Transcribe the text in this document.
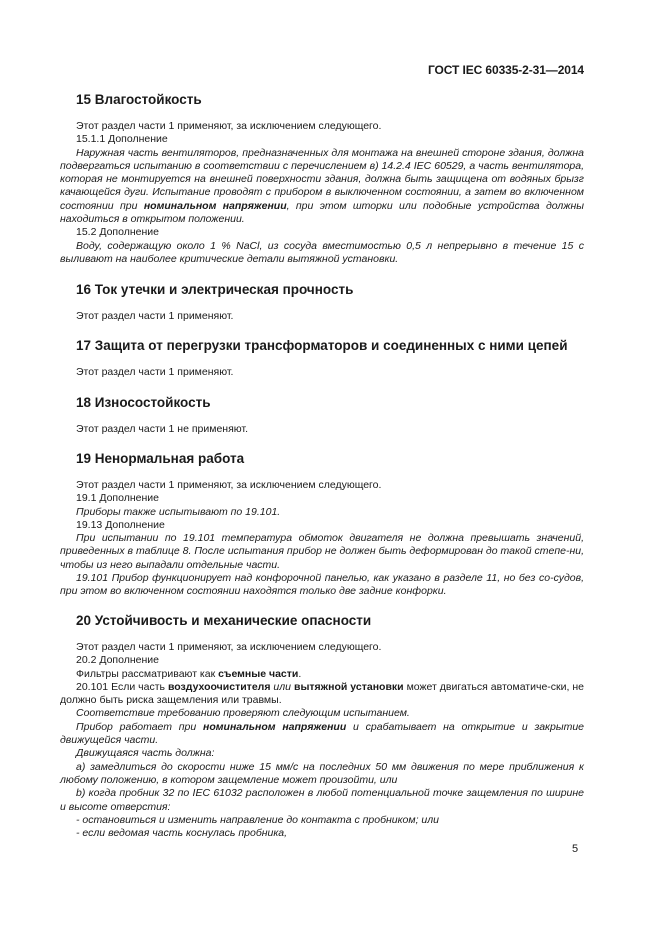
ГОСТ IEC 60335-2-31—2014
15 Влагостойкость

Этот раздел части 1 применяют, за исключением следующего.

15.1.1 Дополнение

Наружная часть вентиляторов, предназначенных для монтажа на внешней стороне здания, должна подвергаться испытанию в соответствии с перечислением в) 14.2.4 IEC 60529, а часть вентилятора, которая не монтируется на внешней поверхности здания, должна быть защищена от водяных брызг качающейся дуги. Испытание проводят с прибором в выключенном состоянии, а затем во включенном состоянии при номинальном напряжении, при этом шторки или подобные устройства должны находиться в открытом положении.

15.2 Дополнение

Воду, содержащую около 1 % NaCl, из сосуда вместимостью 0,5 л непрерывно в течение 15 с выливают на наиболее критические детали вытяжной установки.

16 Ток утечки и электрическая прочность

Этот раздел части 1 применяют.

17 Защита от перегрузки трансформаторов и соединенных с ними цепей

Этот раздел части 1 применяют.

18 Износостойкость

Этот раздел части 1 не применяют.

19 Ненормальная работа

Этот раздел части 1 применяют, за исключением следующего.

19.1 Дополнение

Приборы также испытывают по 19.101.

19.13 Дополнение

При испытании по 19.101 температура обмоток двигателя не должна превышать значений, приведенных в таблице 8. После испытания прибор не должен быть деформирован до такой степе-ни, чтобы из него выпадали отдельные части.

19.101 Прибор функционирует над конфорочной панелью, как указано в разделе 11, но без со-судов, при этом во включенном состоянии находятся только две задние конфорки.

20 Устойчивость и механические опасности

Этот раздел части 1 применяют, за исключением следующего.

20.2 Дополнение

Фильтры рассматривают как съемные части.

20.101 Если часть воздухоочистителя или вытяжной установки может двигаться автоматиче-ски, не должно быть риска защемления или травмы.

Соответствие требованию проверяют следующим испытанием.

Прибор работает при номинальном напряжении и срабатывает на открытие и закрытие движущейся части.

Движущаяся часть должна:

а) замедлиться до скорости ниже 15 мм/с на последних 50 мм движения по мере приближения к любому положению, в котором защемление может произойти, или

b) когда пробник 32 по IEC 61032 расположен в любой потенциальной точке защемления по ширине и высоте отверстия:

- остановиться и изменить направление до контакта с пробником; или

- если ведомая часть коснулась пробника,

5
